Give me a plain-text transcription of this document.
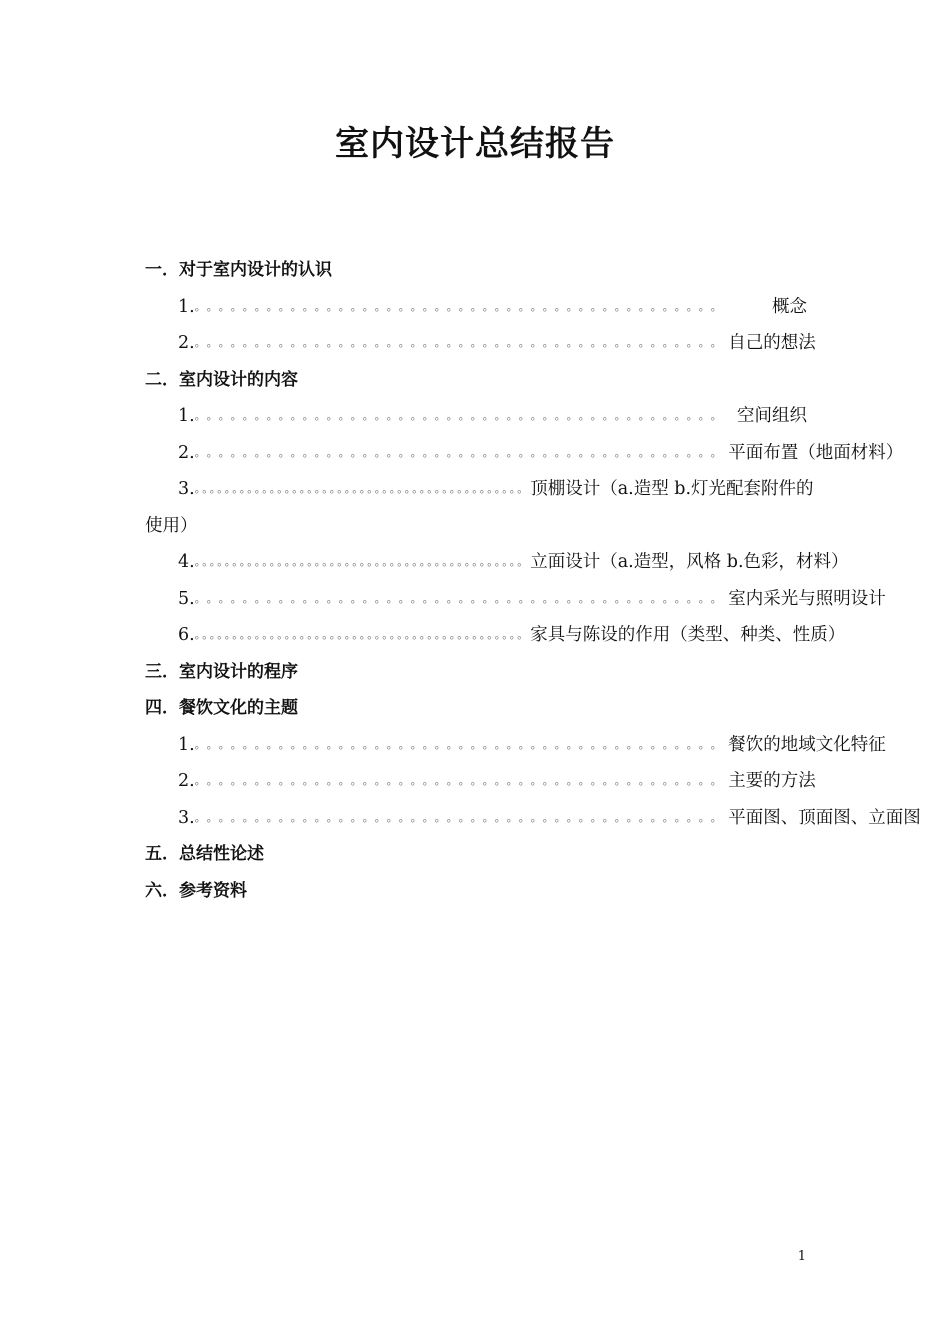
室内设计总结报告
一．对于室内设计的认识
1. 。。。。。。。。。。。。。。。。。。。。。。。。。。。。。。。。。。。。。。。。。。。。	概念
2. 。。。。。。。。。。。。。。。。。。。。。。。。。。。。。。。。。。。。。。。。。。。。 自己的想法
二．室内设计的内容
1. 。。。。。。。。。。。。。。。。。。。。。。。。。。。。。。。。。。。。。。。。。。。。 空间组织
2. 。。。。。。。。。。。。。。。。。。。。。。。。。。。。。。。。。。。。。。。。。。。。 平面布置（地面材料）
3. 。。。。。。。。。。。。。。。。。。。。。。。。。。。。。。。。。。。。。。。。。。。。 顶棚设计（a.造型 b.灯光配套附件的
使用）
4. 。。。。。。。。。。。。。。。。。。。。。。。。。。。。。。。。。。。。。。。。。。。。 立面设计（a.造型，风格 b.色彩，材料）
5. 。。。。。。。。。。。。。。。。。。。。。。。。。。。。。。。。。。。。。。。。。。。。 室内采光与照明设计
6. 。。。。。。。。。。。。。。。。。。。。。。。。。。。。。。。。。。。。。。。。。。。。 家具与陈设的作用（类型、种类、性质）
三．室内设计的程序
四．餐饮文化的主题
1. 。。。。。。。。。。。。。。。。。。。。。。。。。。。。。。。。。。。。。。。。。。。。 餐饮的地域文化特征
2. 。。。。。。。。。。。。。。。。。。。。。。。。。。。。。。。。。。。。。。。。。。。。 主要的方法
3. 。。。。。。。。。。。。。。。。。。。。。。。。。。。。。。。。。。。。。。。。。。。。 平面图、顶面图、立面图
五．总结性论述
六．参考资料
1
